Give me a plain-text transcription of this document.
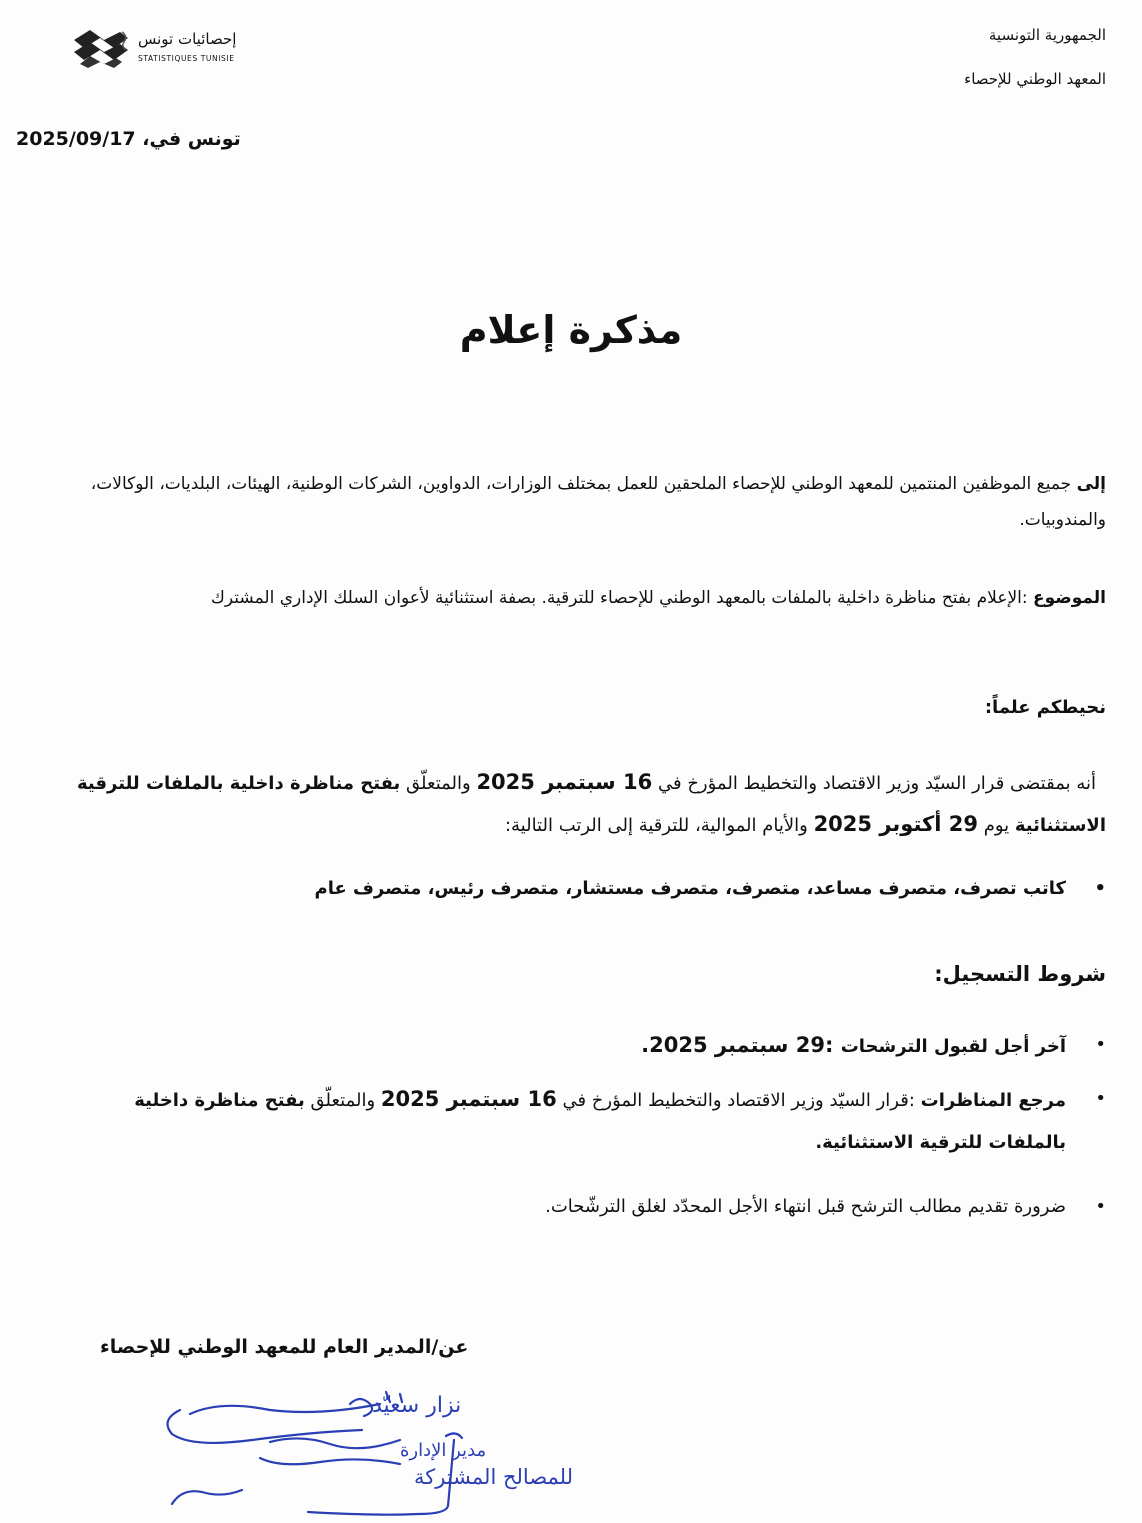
الجمهورية التونسية
المعهد الوطني للإحصاء
إحصائيات تونس
STATISTIQUES TUNISIE
تونس في، 2025/09/17
مذكرة إعلام
إلى جميع الموظفين المنتمين للمعهد الوطني للإحصاء الملحقين للعمل بمختلف الوزارات، الدواوين، الشركات الوطنية، الهيئات، البلديات، الوكالات، والمندوبيات.
الموضوع :الإعلام بفتح مناظرة داخلية بالملفات بالمعهد الوطني للإحصاء للترقية. بصفة استثنائية لأعوان السلك الإداري المشترك
نحيطكم علماً:
أنه بمقتضى قرار السيّد وزير الاقتصاد والتخطيط المؤرخ في 16 سبتمبر 2025 والمتعلّق بفتح مناظرة داخلية بالملفات للترقية الاستثنائية يوم 29 أكتوبر 2025 والأيام الموالية، للترقية إلى الرتب التالية:
• كاتب تصرف، متصرف مساعد، متصرف، متصرف مستشار، متصرف رئيس، متصرف عام
شروط التسجيل:
• آخر أجل لقبول الترشحات :29 سبتمبر 2025.
• مرجع المناظرات :قرار السيّد وزير الاقتصاد والتخطيط المؤرخ في 16 سبتمبر 2025 والمتعلّق بفتح مناظرة داخلية بالملفات للترقية الاستثنائية.
• ضرورة تقديم مطالب الترشح قبل انتهاء الأجل المحدّد لغلق الترشّحات.
عن/المدير العام للمعهد الوطني للإحصاء
نزار سعيّد
مدير الإدارة
للمصالح المشتركة
